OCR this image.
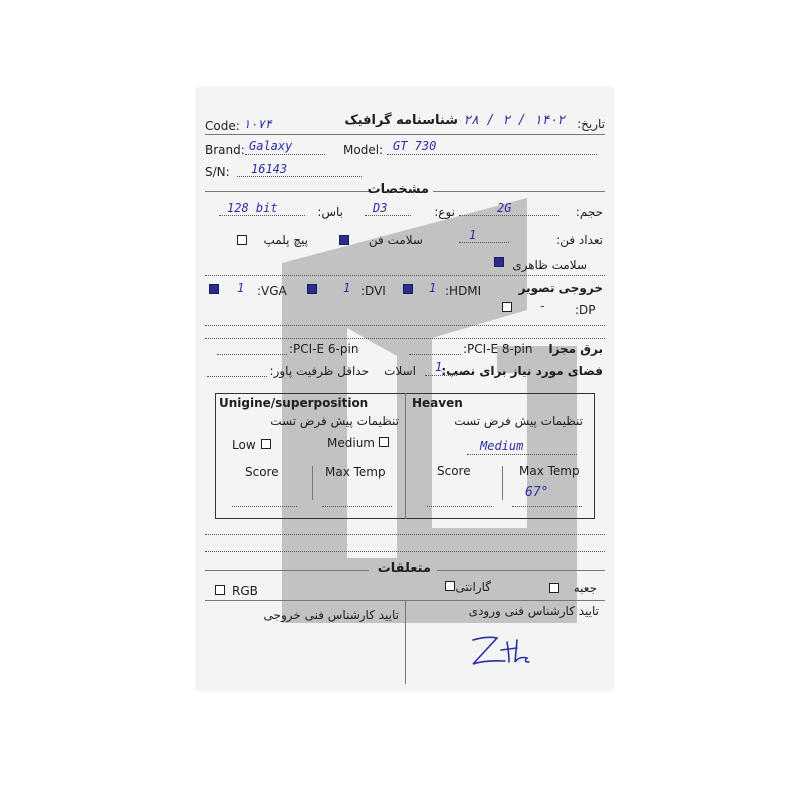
Code: ۱۰۷۴	شناسنامه گرافیک	تاریخ:
۱۴۰۲ / ۲ / ۲۸
Brand: Galaxy	Model: GT 730
S/N: 16143
مشخصات
حجم:
2G
نوع:
D3
باس:
128 bit
تعداد فن:
1
سلامت فن
پیچ پلمپ
سلامت ظاهری
خروجی تصویر
1 :VGA	1 :DVI	1 :HDMI
- :DP
برق مجزا
:PCI-E 8-pin
:PCI-E 6-pin
فضای مورد نیاز برای نصب:
1
اسلات
حداقل ظرفیت پاور:
Unigine/superposition
تنظیمات پیش فرض تست
Medium
Low
Score	Max Temp
Heaven
تنظیمات پیش فرض تست
Medium
Score	Max Temp
67°
متعلقات
جعبه
گارانتی
RGB
تایید کارشناس فنی ورودی
تایید کارشناس فنی خروجی
